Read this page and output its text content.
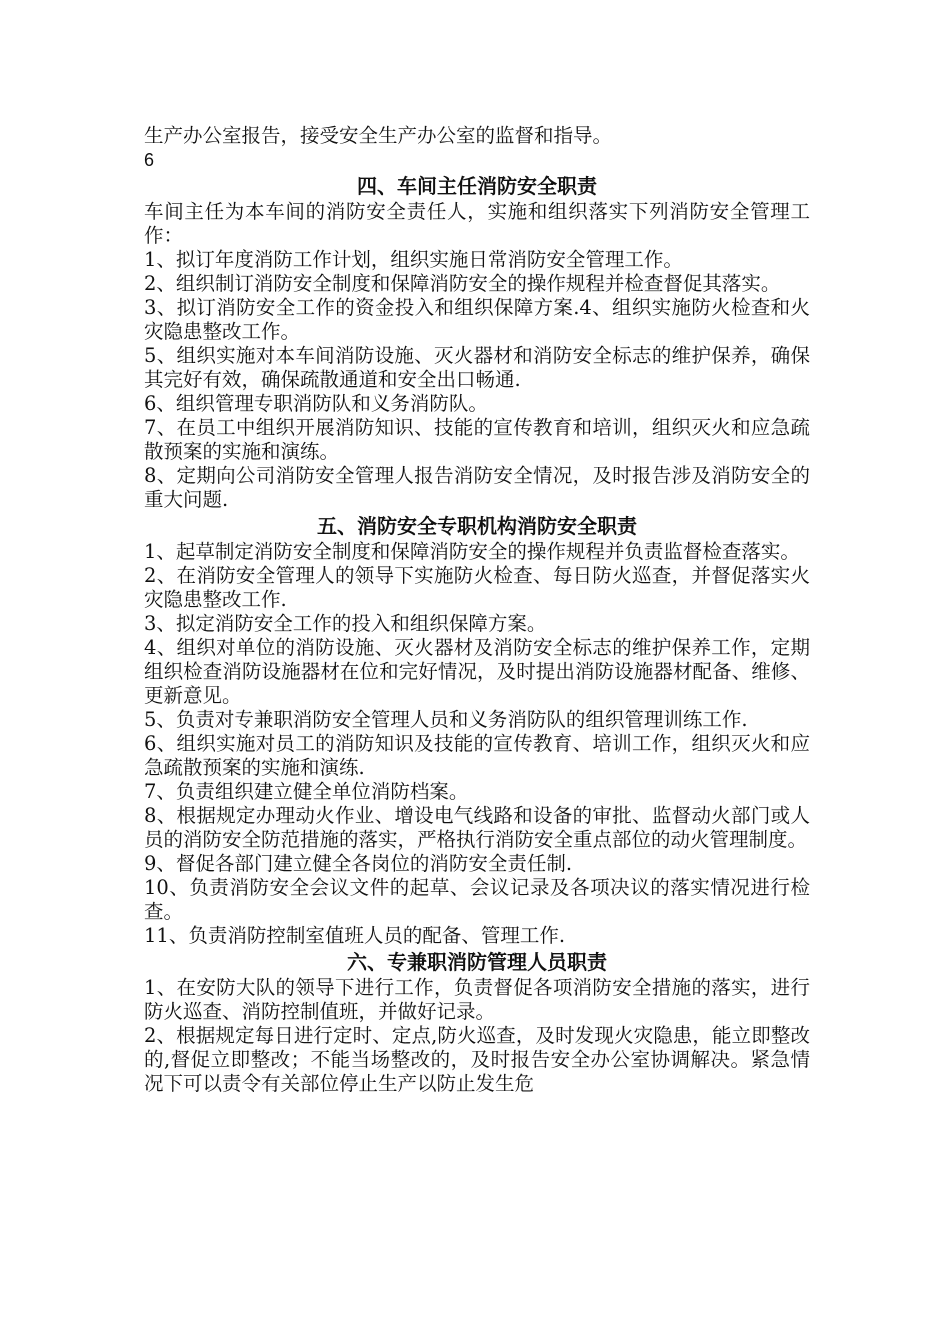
生产办公室报告，接受安全生产办公室的监督和指导。

6

四、车间主任消防安全职责

车间主任为本车间的消防安全责任人，实施和组织落实下列消防安全管理工作：

1、拟订年度消防工作计划，组织实施日常消防安全管理工作。

2、组织制订消防安全制度和保障消防安全的操作规程并检查督促其落实。

3、拟订消防安全工作的资金投入和组织保障方案.4、组织实施防火检查和火灾隐患整改工作。

5、组织实施对本车间消防设施、灭火器材和消防安全标志的维护保养，确保其完好有效，确保疏散通道和安全出口畅通.

6、组织管理专职消防队和义务消防队。

7、在员工中组织开展消防知识、技能的宣传教育和培训，组织灭火和应急疏散预案的实施和演练。

8、定期向公司消防安全管理人报告消防安全情况，及时报告涉及消防安全的重大问题.

五、消防安全专职机构消防安全职责

1、起草制定消防安全制度和保障消防安全的操作规程并负责监督检查落实。

2、在消防安全管理人的领导下实施防火检查、每日防火巡查，并督促落实火灾隐患整改工作.

3、拟定消防安全工作的投入和组织保障方案。

4、组织对单位的消防设施、灭火器材及消防安全标志的维护保养工作，定期组织检查消防设施器材在位和完好情况，及时提出消防设施器材配备、维修、更新意见。

5、负责对专兼职消防安全管理人员和义务消防队的组织管理训练工作.

6、组织实施对员工的消防知识及技能的宣传教育、培训工作，组织灭火和应急疏散预案的实施和演练.

7、负责组织建立健全单位消防档案。

8、根据规定办理动火作业、增设电气线路和设备的审批、监督动火部门或人员的消防安全防范措施的落实，严格执行消防安全重点部位的动火管理制度。

9、督促各部门建立健全各岗位的消防安全责任制.

10、负责消防安全会议文件的起草、会议记录及各项决议的落实情况进行检查。

11、负责消防控制室值班人员的配备、管理工作.

六、专兼职消防管理人员职责

1、在安防大队的领导下进行工作，负责督促各项消防安全措施的落实，进行防火巡查、消防控制值班，并做好记录。

2、根据规定每日进行定时、定点,防火巡查，及时发现火灾隐患，能立即整改的,督促立即整改；不能当场整改的，及时报告安全办公室协调解决。紧急情况下可以责令有关部位停止生产以防止发生危
